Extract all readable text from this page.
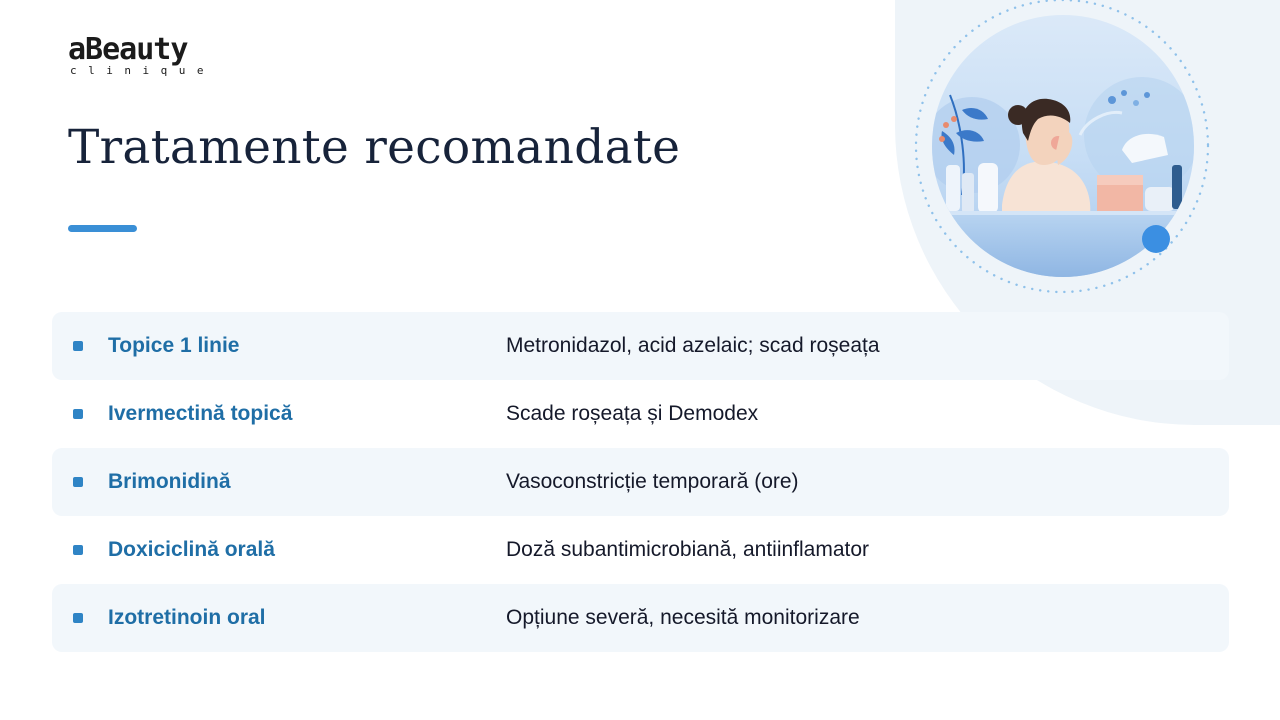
aBeauty
clinique
Tratamente recomandate
Topice 1 linie	Metronidazol, acid azelaic; scad roșeața
Ivermectină topică	Scade roșeața și Demodex
Brimonidină	Vasoconstricție temporară (ore)
Doxiciclină orală	Doză subantimicrobiană, antiinflamator
Izotretinoin oral	Opțiune severă, necesită monitorizare
